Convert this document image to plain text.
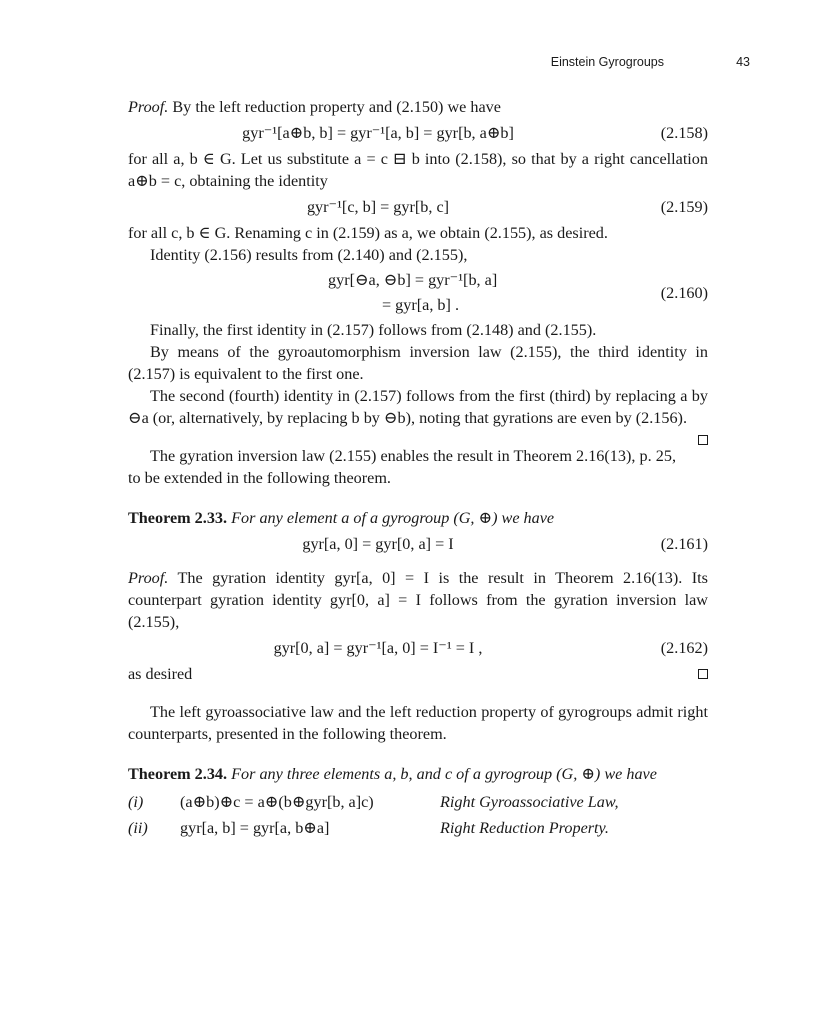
Einstein Gyrogroups	43

Proof. By the left reduction property and (2.150) we have

gyr⁻¹[a⊕b, b] = gyr⁻¹[a, b] = gyr[b, a⊕b]	(2.158)

for all a, b ∈ G. Let us substitute a = c ⊟ b into (2.158), so that by a right cancellation a⊕b = c, obtaining the identity

gyr⁻¹[c, b] = gyr[b, c]	(2.159)

for all c, b ∈ G. Renaming c in (2.159) as a, we obtain (2.155), as desired.

Identity (2.156) results from (2.140) and (2.155),

gyr[⊖a, ⊖b] = gyr⁻¹[b, a]
= gyr[a, b] .
(2.160)

Finally, the first identity in (2.157) follows from (2.148) and (2.155).

By means of the gyroautomorphism inversion law (2.155), the third identity in (2.157) is equivalent to the first one.

The second (fourth) identity in (2.157) follows from the first (third) by replacing a by ⊖a (or, alternatively, by replacing b by ⊖b), noting that gyrations are even by (2.156).

The gyration inversion law (2.155) enables the result in Theorem 2.16(13), p. 25, to be extended in the following theorem.

Theorem 2.33. For any element a of a gyrogroup (G, ⊕) we have

gyr[a, 0] = gyr[0, a] = I	(2.161)

Proof. The gyration identity gyr[a, 0] = I is the result in Theorem 2.16(13). Its counterpart gyration identity gyr[0, a] = I follows from the gyration inversion law (2.155),

gyr[0, a] = gyr⁻¹[a, 0] = I⁻¹ = I ,	(2.162)

as desired

The left gyroassociative law and the left reduction property of gyrogroups admit right counterparts, presented in the following theorem.

Theorem 2.34. For any three elements a, b, and c of a gyrogroup (G, ⊕) we have

(i) (a⊕b)⊕c = a⊕(b⊕gyr[b, a]c)	Right Gyroassociative Law,
(ii) gyr[a, b] = gyr[a, b⊕a]	Right Reduction Property.
